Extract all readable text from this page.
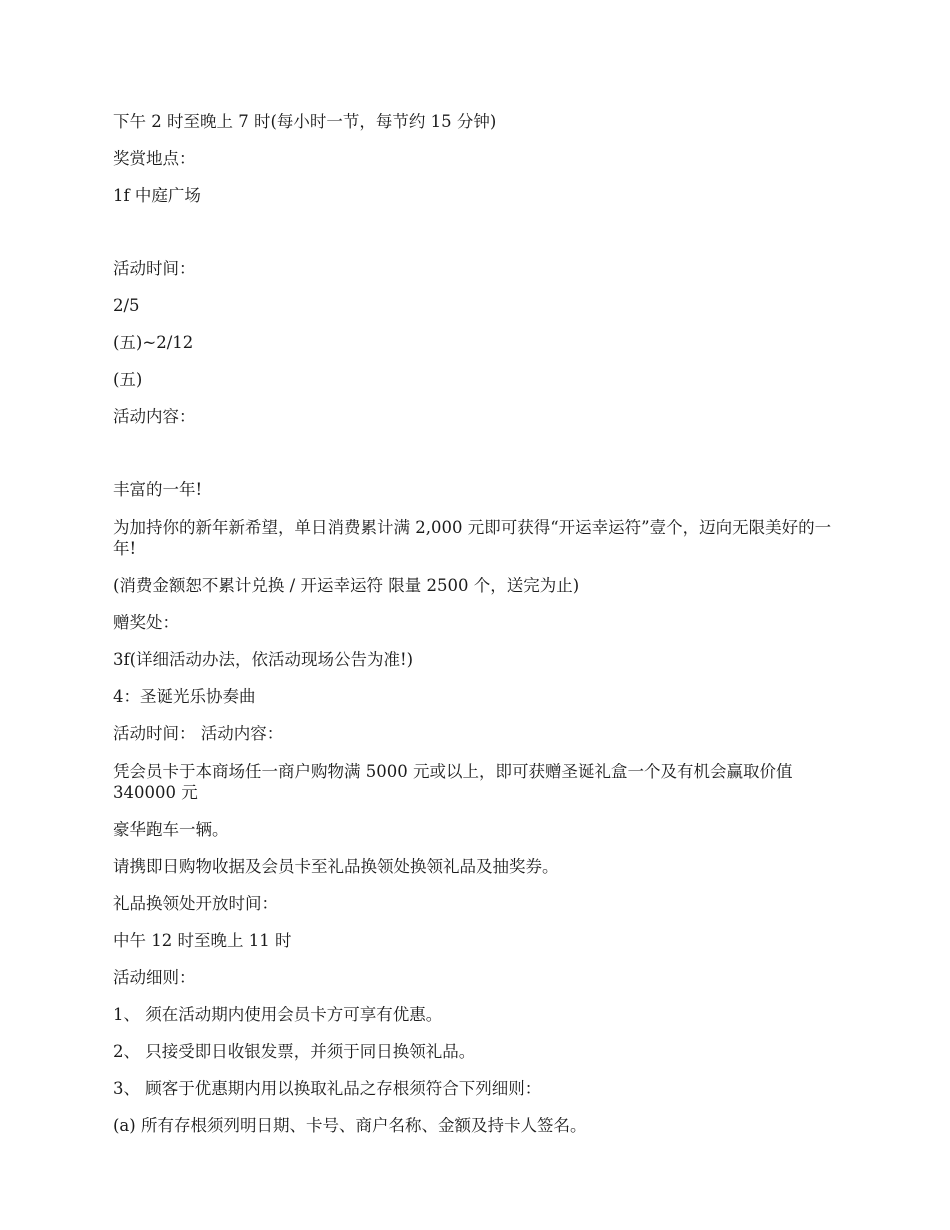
下午 2 时至晚上 7 时(每小时一节，每节约 15 分钟)
奖赏地点：
1f 中庭广场
活动时间：
2/5
(五)~2/12
(五)
活动内容：
丰富的一年!
为加持你的新年新希望，单日消费累计满 2,000 元即可获得“开运幸运符”壹个，迈向无限美好的一年!
(消费金额恕不累计兑换 / 开运幸运符 限量 2500 个，送完为止)
赠奖处：
3f(详细活动办法，依活动现场公告为准!)
4：圣诞光乐协奏曲
活动时间： 活动内容：
凭会员卡于本商场任一商户购物满 5000 元或以上，即可获赠圣诞礼盒一个及有机会赢取价值 340000 元
豪华跑车一辆。
请携即日购物收据及会员卡至礼品换领处换领礼品及抽奖券。
礼品换领处开放时间：
中午 12 时至晚上 11 时
活动细则：
1、 须在活动期内使用会员卡方可享有优惠。
2、 只接受即日收银发票，并须于同日换领礼品。
3、 顾客于优惠期内用以换取礼品之存根须符合下列细则：
(a) 所有存根须列明日期、卡号、商户名称、金额及持卡人签名。
